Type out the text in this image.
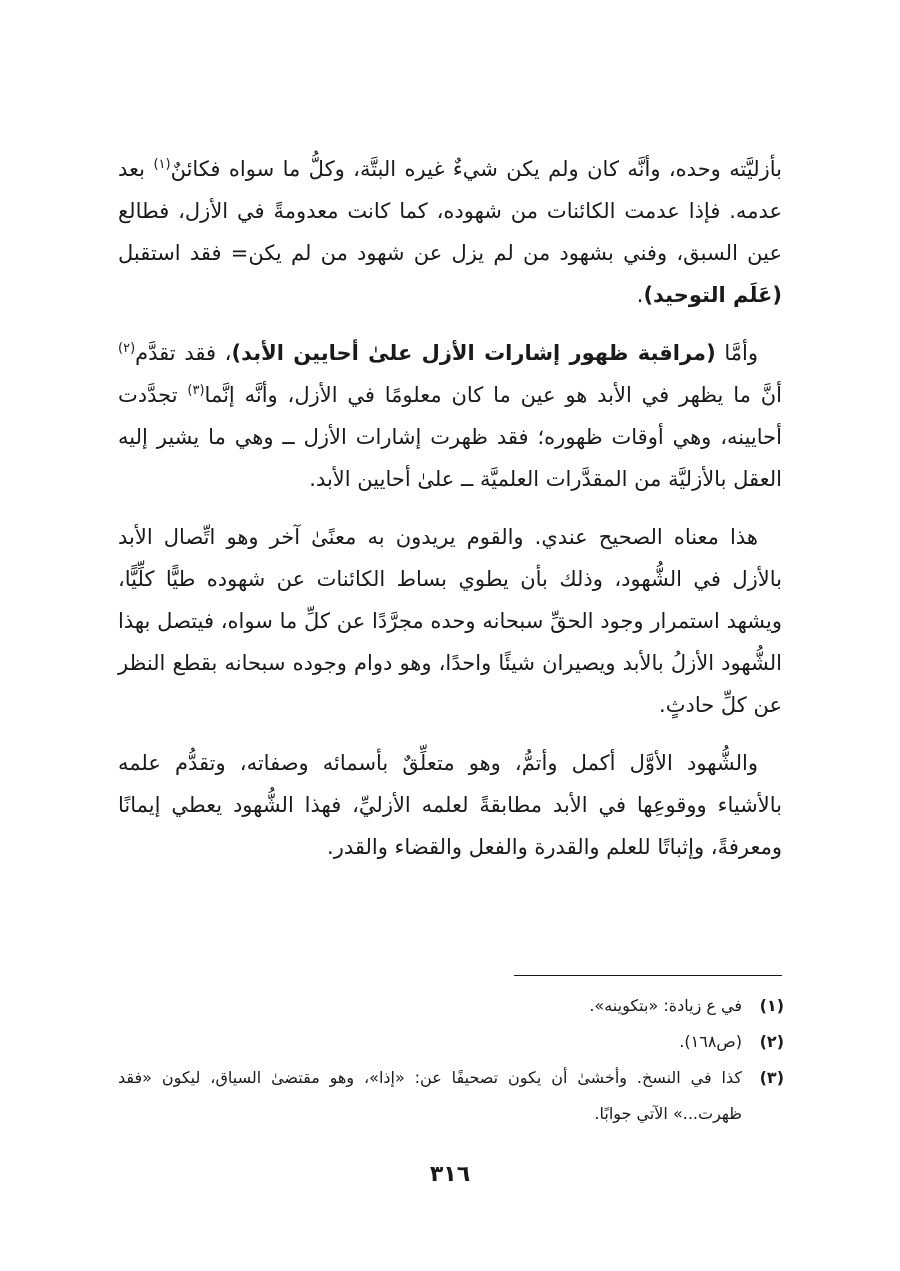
بأزليَّته وحده، وأنَّه كان ولم يكن شيءٌ غيره البتَّة، وكلُّ ما سواه فكائنٌ$^{(١)}$ بعد عدمه. فإذا عدمت الكائنات من شهوده، كما كانت معدومةً في الأزل، فطالع عين السبق، وفني بشهود من لم يزل عن شهود من لم يكن= فقد استقبل (عَلَم التوحيد).

وأمَّا (مراقبة ظهور إشارات الأزل علىٰ أحايين الأبد)، فقد تقدَّم$^{(٢)}$ أنَّ ما يظهر في الأبد هو عين ما كان معلومًا في الأزل، وأنَّه إنَّما$^{(٣)}$ تجدَّدت أحايينه، وهي أوقات ظهوره؛ فقد ظهرت إشارات الأزل ــ وهي ما يشير إليه العقل بالأزليَّة من المقدَّرات العلميَّة ــ علىٰ أحايين الأبد.

هذا معناه الصحيح عندي. والقوم يريدون به معنًىٰ آخر وهو اتِّصال الأبد بالأزل في الشُّهود، وذلك بأن يطوي بساط الكائنات عن شهوده طيًّا كلِّيًّا، ويشهد استمرار وجود الحقِّ سبحانه وحده مجرَّدًا عن كلِّ ما سواه، فيتصل بهذا الشُّهود الأزلُ بالأبد ويصيران شيئًا واحدًا، وهو دوام وجوده سبحانه بقطع النظر عن كلِّ حادثٍ.

والشُّهود الأوَّل أكمل وأتمُّ، وهو متعلِّقٌ بأسمائه وصفاته، وتقدُّم علمه بالأشياء ووقوعِها في الأبد مطابقةً لعلمه الأزليِّ، فهذا الشُّهود يعطي إيمانًا ومعرفةً، وإثباتًا للعلم والقدرة والفعل والقضاء والقدر.

(١)
في ع زيادة: «بتكوينه».
(٢)
(ص١٦٨).
(٣)
كذا في النسخ. وأخشىٰ أن يكون تصحيفًا عن: «إذا»، وهو مقتضىٰ السياق، ليكون «فقد ظهرت...» الآتي جوابًا.
٣١٦
